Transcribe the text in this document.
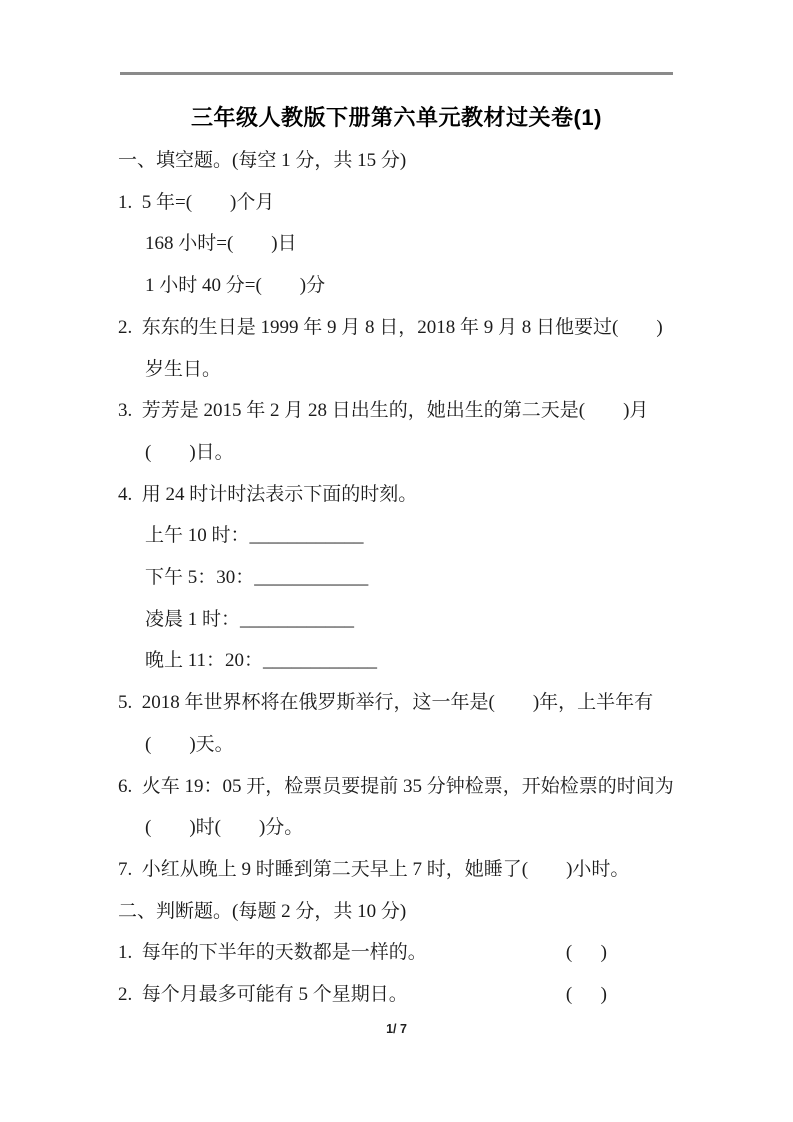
三年级人教版下册第六单元教材过关卷(1)

一、填空题。(每空 1 分，共 15 分)

1.  5 年=(        )个月

168 小时=(        )日

1 小时 40 分=(        )分

2.  东东的生日是 1999 年 9 月 8 日，2018 年 9 月 8 日他要过(        )

岁生日。

3.  芳芳是 2015 年 2 月 28 日出生的，她出生的第二天是(        )月

(        )日。

4.  用 24 时计时法表示下面的时刻。

上午 10 时：____________

下午 5：30：____________

凌晨 1 时：____________

晚上 11：20：____________

5.  2018 年世界杯将在俄罗斯举行，这一年是(        )年，上半年有

(        )天。

6.  火车 19：05 开，检票员要提前 35 分钟检票，开始检票的时间为

(        )时(        )分。

7.  小红从晚上 9 时睡到第二天早上 7 时，她睡了(        )小时。

二、判断题。(每题 2 分，共 10 分)

1.  每年的下半年的天数都是一样的。	(      )

2.  每个月最多可能有 5 个星期日。	(      )

1/ 7
